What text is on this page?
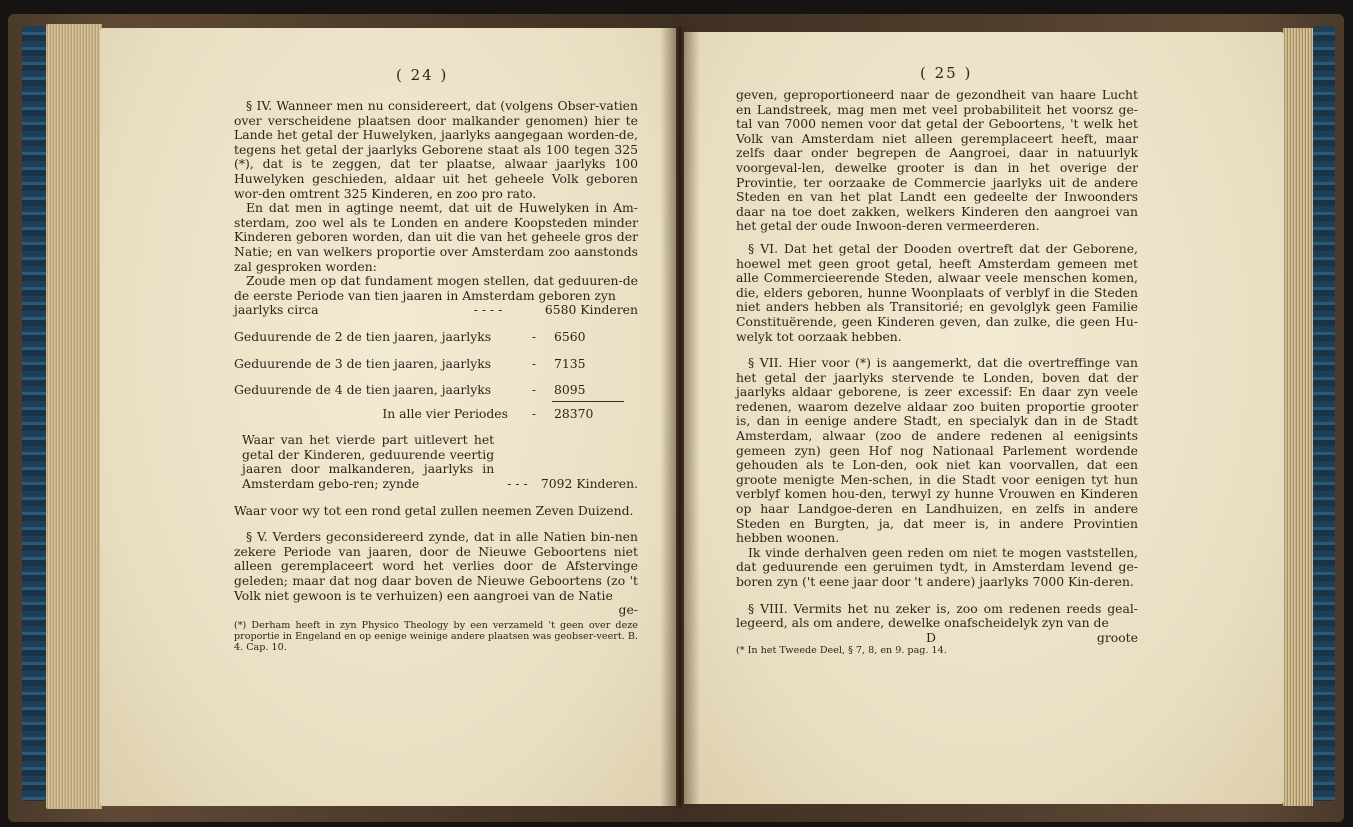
( 24 )

§ IV. Wanneer men nu considereert, dat (volgens Obser-vatien over verscheidene plaatsen door malkander genomen) hier te Lande het getal der Huwelyken, jaarlyks aangegaan worden-de, tegens het getal der jaarlyks Geborene staat als 100 tegen 325 (*), dat is te zeggen, dat ter plaatse, alwaar jaarlyks 100 Huwelyken geschieden, aldaar uit het geheele Volk geboren wor-den omtrent 325 Kinderen, en zoo pro rato.

En dat men in agtinge neemt, dat uit de Huwelyken in Am-sterdam, zoo wel als te Londen en andere Koopsteden minder Kinderen geboren worden, dan uit die van het geheele gros der Natie; en van welkers proportie over Amsterdam zoo aanstonds zal gesproken worden:

Zoude men op dat fundament mogen stellen, dat geduuren-de de eerste Periode van tien jaaren in Amsterdam geboren zyn

jaarlyks circa	- - - -	6580 Kinderen
Geduurende de 2 de tien jaaren, jaarlyks	-	6560
Geduurende de 3 de tien jaaren, jaarlyks	-	7135
Geduurende de 4 de tien jaaren, jaarlyks	-	8095
In alle vier Periodes	-	28370
Waar van het vierde part uitlevert het getal der Kinderen, geduurende veertig jaaren door malkanderen, jaarlyks in Amsterdam gebo-ren; zynde	- - -	7092 Kinderen.

Waar voor wy tot een rond getal zullen neemen Zeven Duizend.

§ V. Verders geconsidereerd zynde, dat in alle Natien bin-nen zekere Periode van jaaren, door de Nieuwe Geboortens niet alleen geremplaceert word het verlies door de Afstervinge geleden; maar dat nog daar boven de Nieuwe Geboortens (zo 't Volk niet gewoon is te verhuizen) een aangroei van de Natie

ge-

(*) Derham heeft in zyn Physico Theology by een verzameld 't geen over deze proportie in Engeland en op eenige weinige andere plaatsen was geobser-veert. B. 4. Cap. 10.

( 25 )

geven, geproportioneerd naar de gezondheit van haare Lucht en Landstreek, mag men met veel probabiliteit het voorsz ge-tal van 7000 nemen voor dat getal der Geboortens, 't welk het Volk van Amsterdam niet alleen geremplaceert heeft, maar zelfs daar onder begrepen de Aangroei, daar in natuurlyk voorgeval-len, dewelke grooter is dan in het overige der Provintie, ter oorzaake de Commercie jaarlyks uit de andere Steden en van het plat Landt een gedeelte der Inwoonders daar na toe doet zakken, welkers Kinderen den aangroei van het getal der oude Inwoon-deren vermeerderen.

§ VI. Dat het getal der Dooden overtreft dat der Geborene, hoewel met geen groot getal, heeft Amsterdam gemeen met alle Commercieerende Steden, alwaar veele menschen komen, die, elders geboren, hunne Woonplaats of verblyf in die Steden niet anders hebben als Transitorié; en gevolglyk geen Familie Constituërende, geen Kinderen geven, dan zulke, die geen Hu-welyk tot oorzaak hebben.

§ VII. Hier voor (*) is aangemerkt, dat die overtreffinge van het getal der jaarlyks stervende te Londen, boven dat der jaarlyks aldaar geborene, is zeer excessif: En daar zyn veele redenen, waarom dezelve aldaar zoo buiten proportie grooter is, dan in eenige andere Stadt, en specialyk dan in de Stadt Amsterdam, alwaar (zoo de andere redenen al eenigsints gemeen zyn) geen Hof nog Nationaal Parlement wordende gehouden als te Lon-den, ook niet kan voorvallen, dat een groote menigte Men-schen, in die Stadt voor eenigen tyt hun verblyf komen hou-den, terwyl zy hunne Vrouwen en Kinderen op haar Landgoe-deren en Landhuizen, en zelfs in andere Steden en Burgten, ja, dat meer is, in andere Provintien hebben woonen.

Ik vinde derhalven geen reden om niet te mogen vaststellen, dat geduurende een geruimen tydt, in Amsterdam levend ge-boren zyn ('t eene jaar door 't andere) jaarlyks 7000 Kin-deren.

§ VIII. Vermits het nu zeker is, zoo om redenen reeds geal-legeerd, als om andere, dewelke onafscheidelyk zyn van de

D	groote

(* In het Tweede Deel, § 7, 8, en 9. pag. 14.
